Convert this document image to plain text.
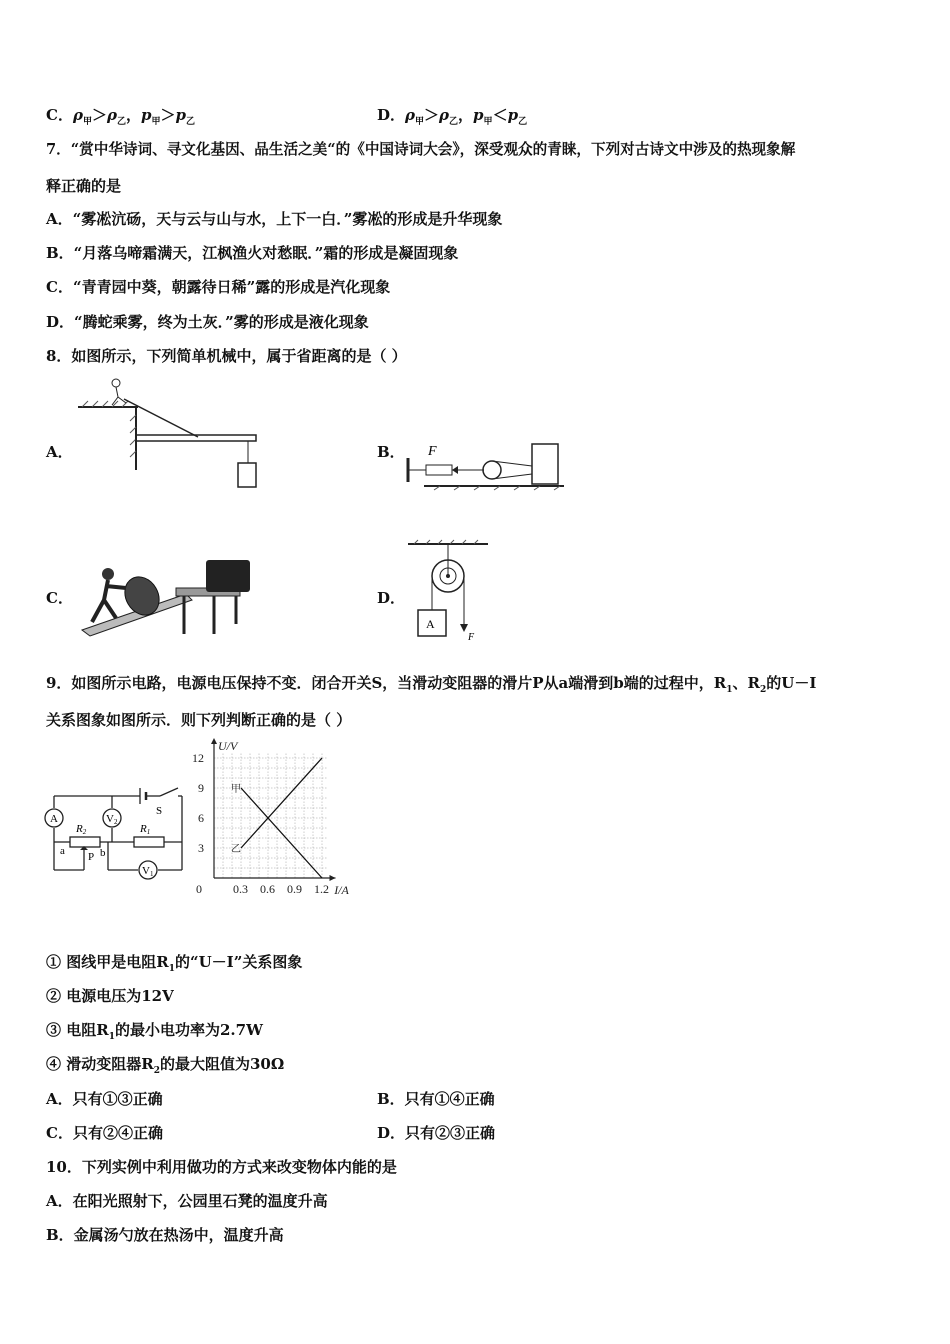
C．$\rho_甲>\rho_乙$，$p_甲>p_乙$	D．$\rho_甲>\rho_乙$，$p_甲<p_乙$
7．“赏中华诗词、寻文化基因、品生活之美“的《中国诗词大会》，深受观众的青睐，下列对古诗文中涉及的热现象解
释正确的是
A．“雾凇沆砀，天与云与山与水，上下一白．”雾凇的形成是升华现象
B．“月落乌啼霜满天，江枫渔火对愁眠．”霜的形成是凝固现象
C．“青青园中葵，朝露待日稀”露的形成是汽化现象
D．“腾蛇乘雾，终为土灰．”雾的形成是液化现象
8．如图所示，下列简单机械中，属于省距离的是（ ）
A．	B． F
C．	D．
A
F
9．如图所示电路，电源电压保持不变．闭合开关S，当滑动变阻器的滑片P从a端滑到b端的过程中，$R_1$、$R_2$的U－I
关系图象如图所示．则下列判断正确的是（ ）
A	V2
V1
S
R2	R1
a	b
P
0	0.3 0.6 0.9 1.2
3
6
9
12
U/V
I/A
甲
乙
① 图线甲是电阻$R_1$的“U－I”关系图象
② 电源电压为12V
③ 电阻$R_1$的最小电功率为2.7W
④ 滑动变阻器$R_2$的最大阻值为30Ω
A．只有①③正确	B．只有①④正确
C．只有②④正确	D．只有②③正确
10．下列实例中利用做功的方式来改变物体内能的是
A．在阳光照射下，公园里石凳的温度升高
B．金属汤勺放在热汤中，温度升高
